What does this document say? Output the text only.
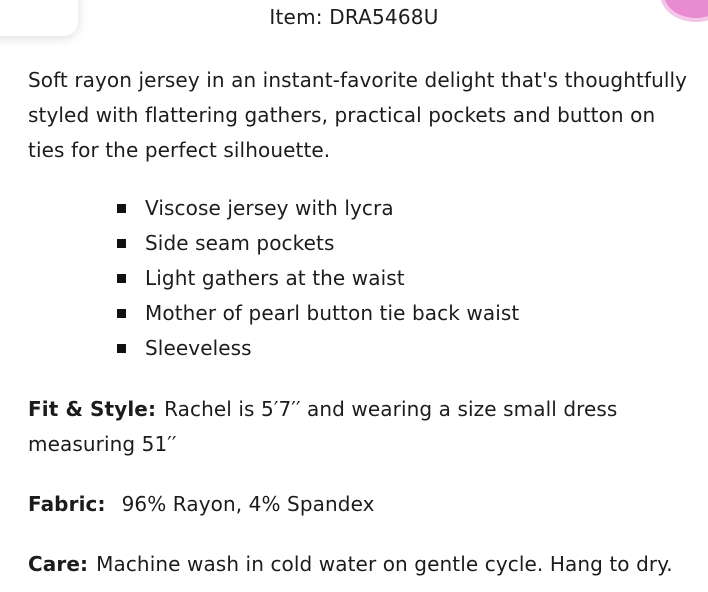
Item: DRA5468U

Soft rayon jersey in an instant-favorite delight that's thoughtfully styled with flattering gathers, practical pockets and button on ties for the perfect silhouette.

Viscose jersey with lycra
Side seam pockets
Light gathers at the waist
Mother of pearl button tie back waist
Sleeveless

Fit & Style: Rachel is 5′7′′ and wearing a size small dress measuring 51′′

Fabric: 96% Rayon, 4% Spandex

Care: Machine wash in cold water on gentle cycle. Hang to dry.
